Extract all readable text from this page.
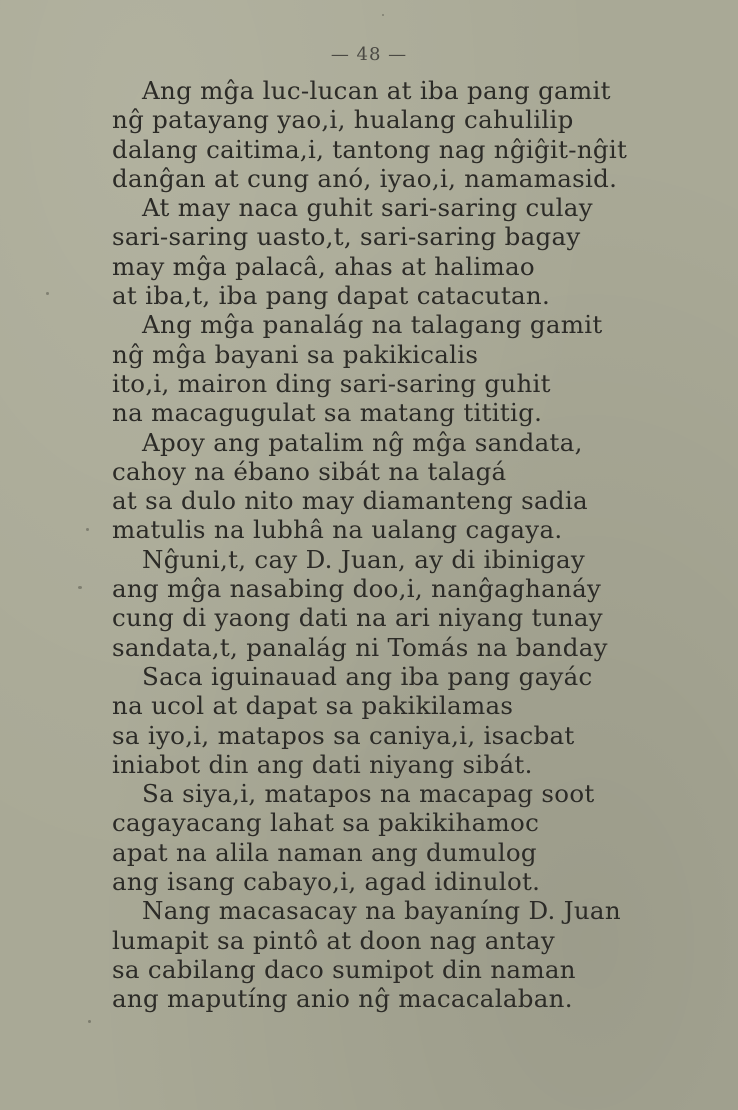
— 48 —
Ang mĝa luc-lucan at iba pang gamit
nĝ patayang yao,i, hualang cahulilip
dalang caitima,i, tantong nag nĝiĝit-nĝit
danĝan at cung anó, iyao,i, namamasid.
At may naca guhit sari-saring culay
sari-saring uasto,t, sari-saring bagay
may mĝa palacâ, ahas at halimao
at iba,t, iba pang dapat catacutan.
Ang mĝa panalág na talagang gamit
nĝ mĝa bayani sa pakikicalis
ito,i, mairon ding sari-saring guhit
na macagugulat sa matang tititig.
Apoy ang patalim nĝ mĝa sandata,
cahoy na ébano sibát na talagá
at sa dulo nito may diamanteng sadia
matulis na lubhâ na ualang cagaya.
Nĝuni,t, cay D. Juan, ay di ibinigay
ang mĝa nasabing doo,i, nanĝaghanáy
cung di yaong dati na ari niyang tunay
sandata,t, panalág ni Tomás na banday
Saca iguinauad ang iba pang gayác
na ucol at dapat sa pakikilamas
sa iyo,i, matapos sa caniya,i, isacbat
iniabot din ang dati niyang sibát.
Sa siya,i, matapos na macapag soot
cagayacang lahat sa pakikihamoc
apat na alila naman ang dumulog
ang isang cabayo,i, agad idinulot.
Nang macasacay na bayaníng D. Juan
lumapit sa pintô at doon nag antay
sa cabilang daco sumipot din naman
ang maputíng anio nĝ macacalaban.
